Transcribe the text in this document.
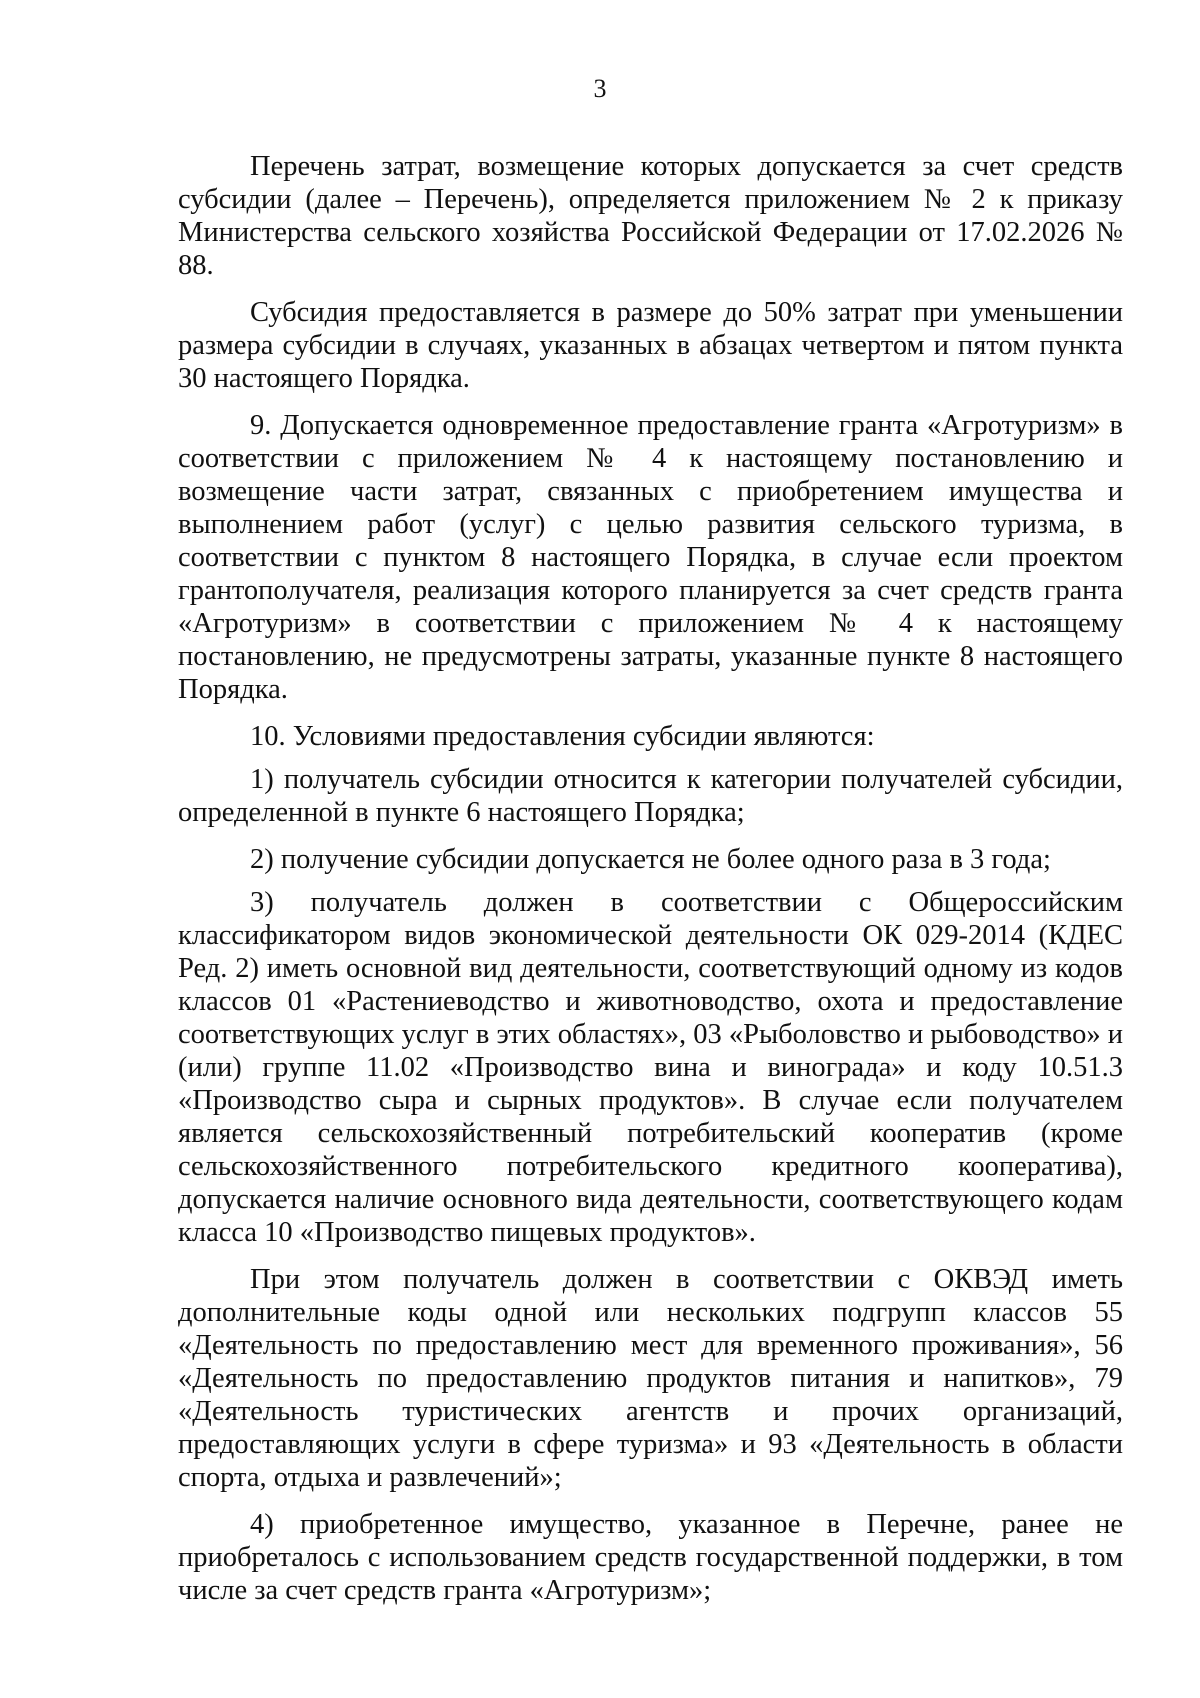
3

Перечень затрат, возмещение которых допускается за счет средств субсидии (далее – Перечень), определяется приложением № 2 к приказу Министерства сельского хозяйства Российской Федерации от 17.02.2026 № 88.

Субсидия предоставляется в размере до 50% затрат при уменьшении размера субсидии в случаях, указанных в абзацах четвертом и пятом пункта 30 настоящего Порядка.

9. Допускается одновременное предоставление гранта «Агротуризм» в соответствии с приложением № 4 к настоящему постановлению и возмещение части затрат, связанных с приобретением имущества и выполнением работ (услуг) с целью развития сельского туризма, в соответствии с пунктом 8 настоящего Порядка, в случае если проектом грантополучателя, реализация которого планируется за счет средств гранта «Агротуризм» в соответствии с приложением № 4 к настоящему постановлению, не предусмотрены затраты, указанные пункте 8 настоящего Порядка.

10. Условиями предоставления субсидии являются:

1) получатель субсидии относится к категории получателей субсидии, определенной в пункте 6 настоящего Порядка;

2) получение субсидии допускается не более одного раза в 3 года;

3) получатель должен в соответствии с Общероссийским классификатором видов экономической деятельности ОК 029-2014 (КДЕС Ред. 2) иметь основной вид деятельности, соответствующий одному из кодов классов 01 «Растениеводство и животноводство, охота и предоставление соответствующих услуг в этих областях», 03 «Рыболовство и рыбоводство» и (или) группе 11.02 «Производство вина и винограда» и коду 10.51.3 «Производство сыра и сырных продуктов». В случае если получателем является сельскохозяйственный потребительский кооператив (кроме сельскохозяйственного потребительского кредитного кооператива), допускается наличие основного вида деятельности, соответствующего кодам класса 10 «Производство пищевых продуктов».

При этом получатель должен в соответствии с ОКВЭД иметь дополнительные коды одной или нескольких подгрупп классов 55 «Деятельность по предоставлению мест для временного проживания», 56 «Деятельность по предоставлению продуктов питания и напитков», 79 «Деятельность туристических агентств и прочих организаций, предоставляющих услуги в сфере туризма» и 93 «Деятельность в области спорта, отдыха и развлечений»;

4) приобретенное имущество, указанное в Перечне, ранее не приобреталось с использованием средств государственной поддержки, в том числе за счет средств гранта «Агротуризм»;
